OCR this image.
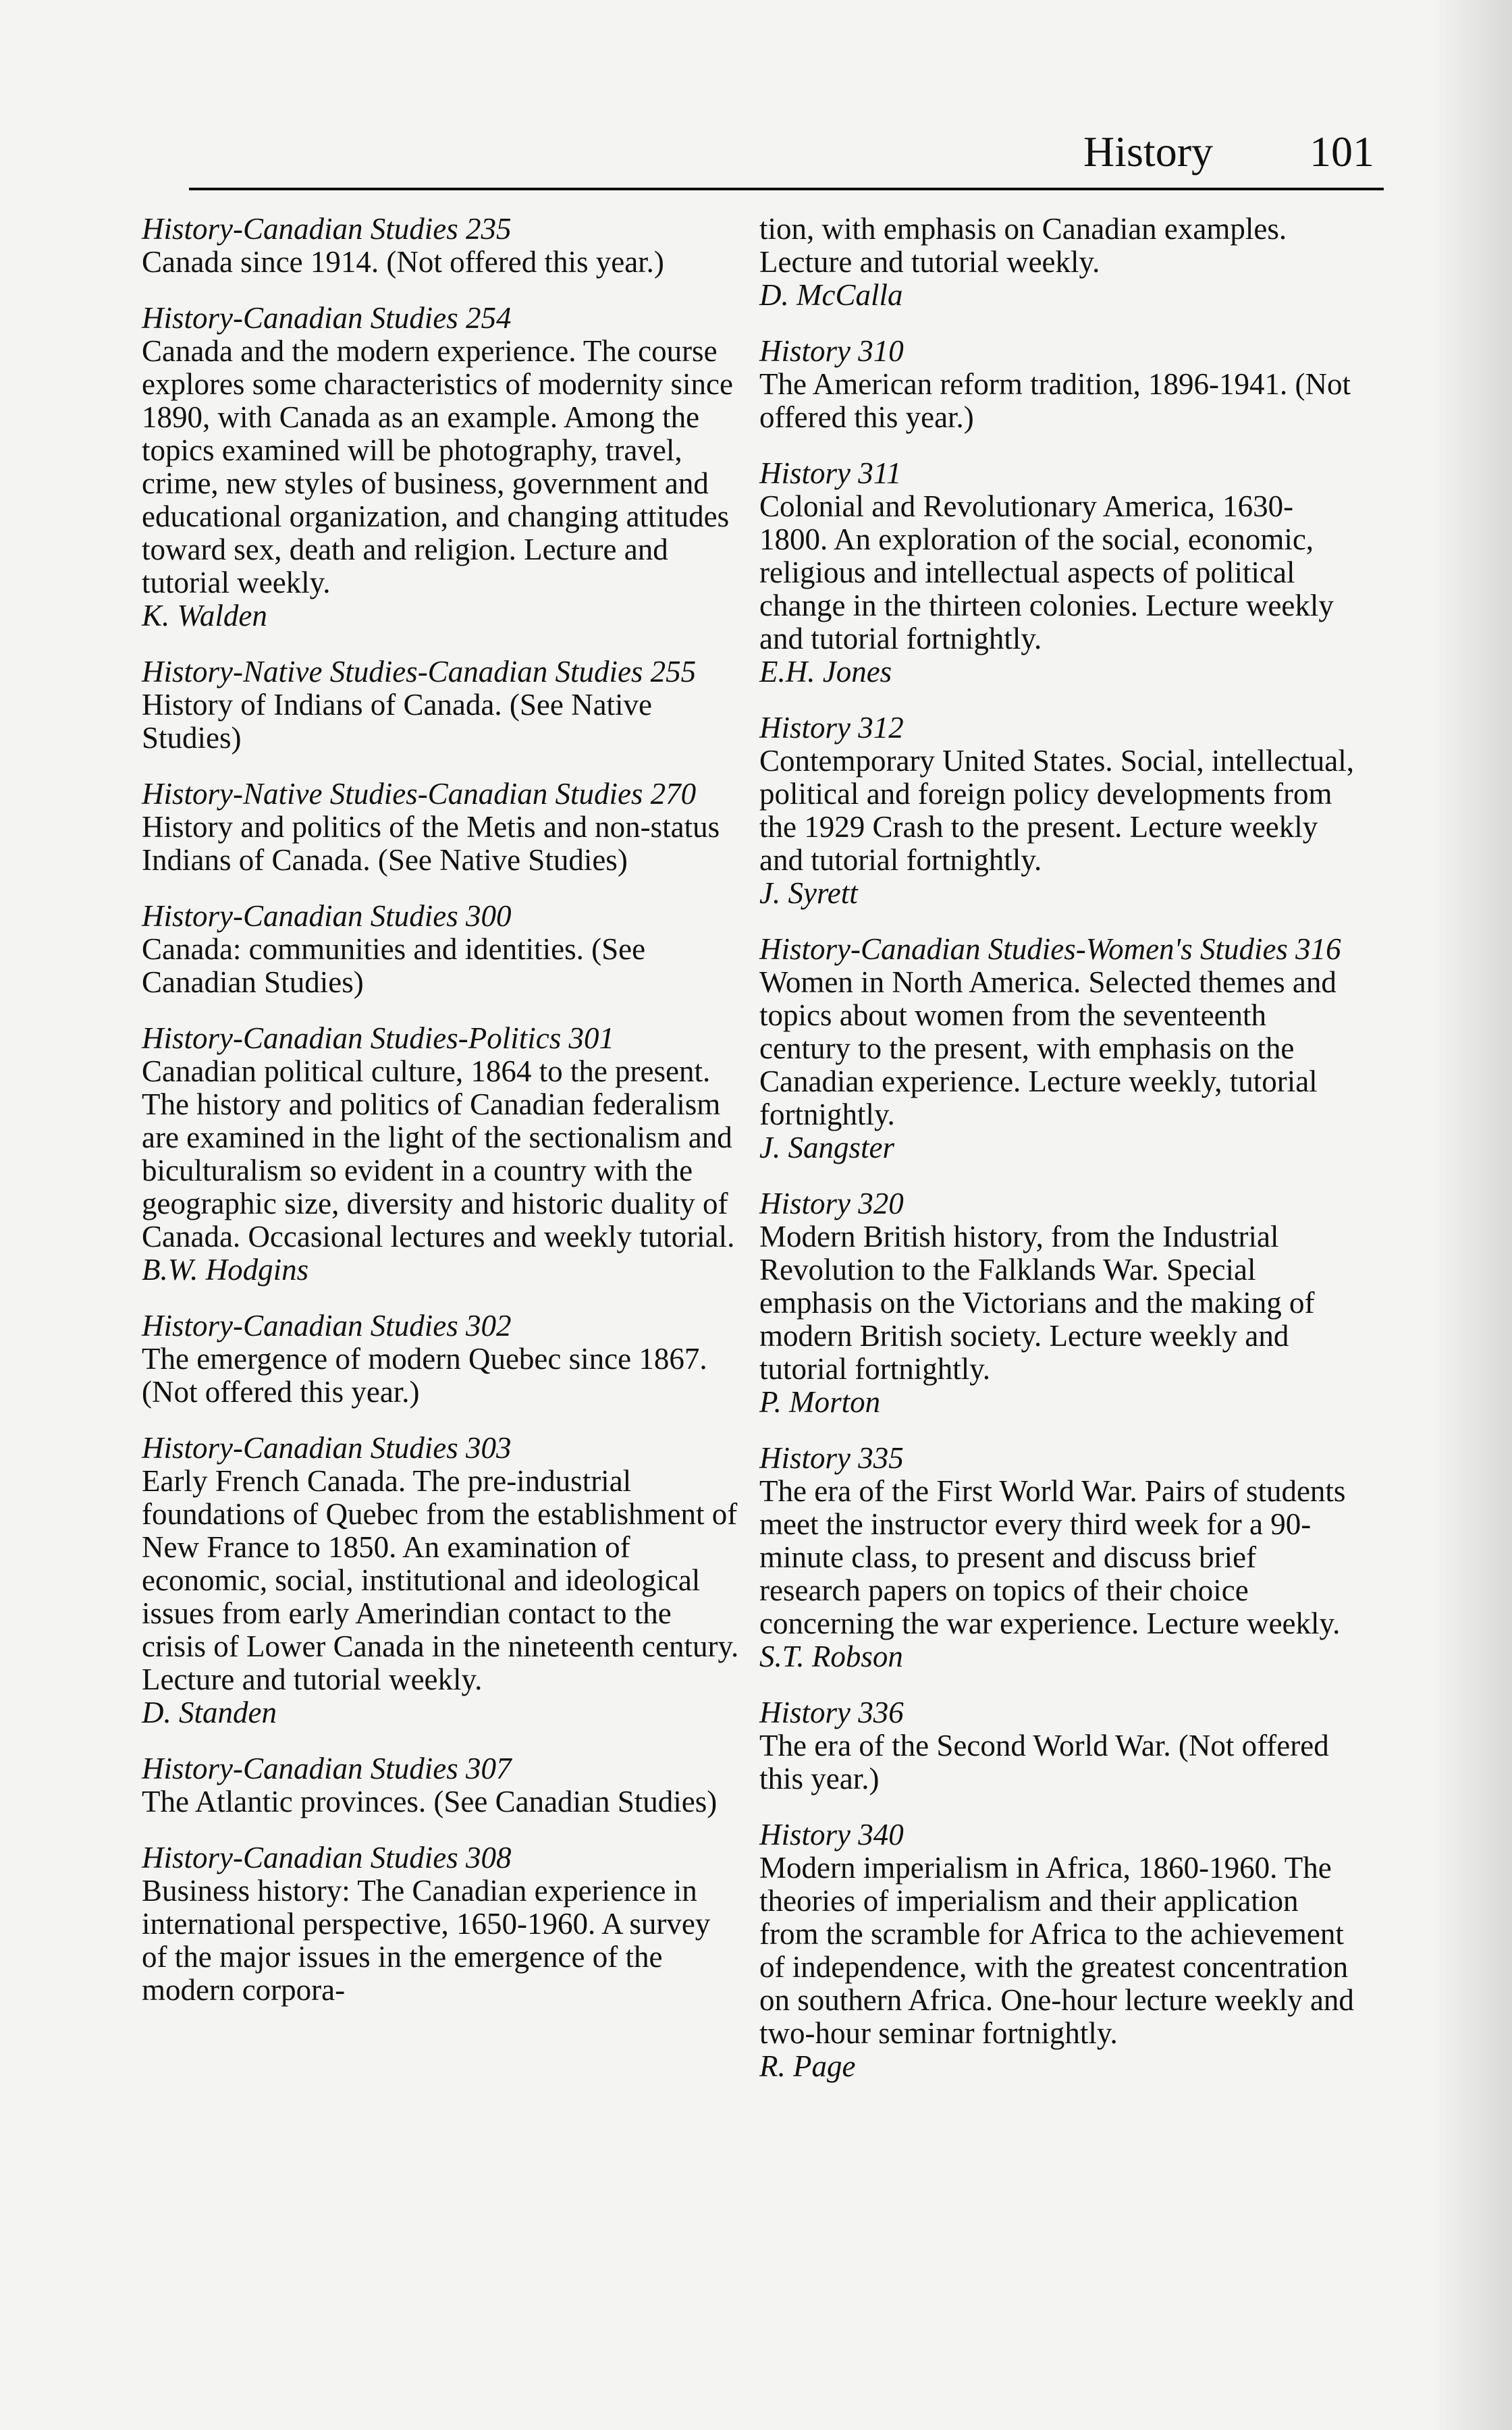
History 101

History-Canadian Studies 235

Canada since 1914. (Not offered this year.)

History-Canadian Studies 254

Canada and the modern experience. The course explores some characteristics of modernity since 1890, with Canada as an example. Among the topics examined will be photography, travel, crime, new styles of business, government and educational organization, and changing attitudes toward sex, death and religion. Lecture and tutorial weekly.

K. Walden

History-Native Studies-Canadian Studies 255

History of Indians of Canada. (See Native Studies)

History-Native Studies-Canadian Studies 270

History and politics of the Metis and non-status Indians of Canada. (See Native Studies)

History-Canadian Studies 300

Canada: communities and identities. (See Canadian Studies)

History-Canadian Studies-Politics 301

Canadian political culture, 1864 to the present. The history and politics of Canadian federalism are examined in the light of the sectionalism and biculturalism so evident in a country with the geographic size, diversity and historic duality of Canada. Occasional lectures and weekly tutorial.

B.W. Hodgins

History-Canadian Studies 302

The emergence of modern Quebec since 1867. (Not offered this year.)

History-Canadian Studies 303

Early French Canada. The pre-industrial foundations of Quebec from the establishment of New France to 1850. An examination of economic, social, institutional and ideological issues from early Amerindian contact to the crisis of Lower Canada in the nineteenth century. Lecture and tutorial weekly.

D. Standen

History-Canadian Studies 307

The Atlantic provinces. (See Canadian Studies)

History-Canadian Studies 308

Business history: The Canadian experience in international perspective, 1650-1960. A survey of the major issues in the emergence of the modern corpora-

tion, with emphasis on Canadian examples. Lecture and tutorial weekly.

D. McCalla

History 310

The American reform tradition, 1896-1941. (Not offered this year.)

History 311

Colonial and Revolutionary America, 1630-1800. An exploration of the social, economic, religious and intellectual aspects of political change in the thirteen colonies. Lecture weekly and tutorial fortnightly.

E.H. Jones

History 312

Contemporary United States. Social, intellectual, political and foreign policy developments from the 1929 Crash to the present. Lecture weekly and tutorial fortnightly.

J. Syrett

History-Canadian Studies-Women's Studies 316

Women in North America. Selected themes and topics about women from the seventeenth century to the present, with emphasis on the Canadian experience. Lecture weekly, tutorial fortnightly.

J. Sangster

History 320

Modern British history, from the Industrial Revolution to the Falklands War. Special emphasis on the Victorians and the making of modern British society. Lecture weekly and tutorial fortnightly.

P. Morton

History 335

The era of the First World War. Pairs of students meet the instructor every third week for a 90-minute class, to present and discuss brief research papers on topics of their choice concerning the war experience. Lecture weekly.

S.T. Robson

History 336

The era of the Second World War. (Not offered this year.)

History 340

Modern imperialism in Africa, 1860-1960. The theories of imperialism and their application from the scramble for Africa to the achievement of independence, with the greatest concentration on southern Africa. One-hour lecture weekly and two-hour seminar fortnightly.

R. Page
